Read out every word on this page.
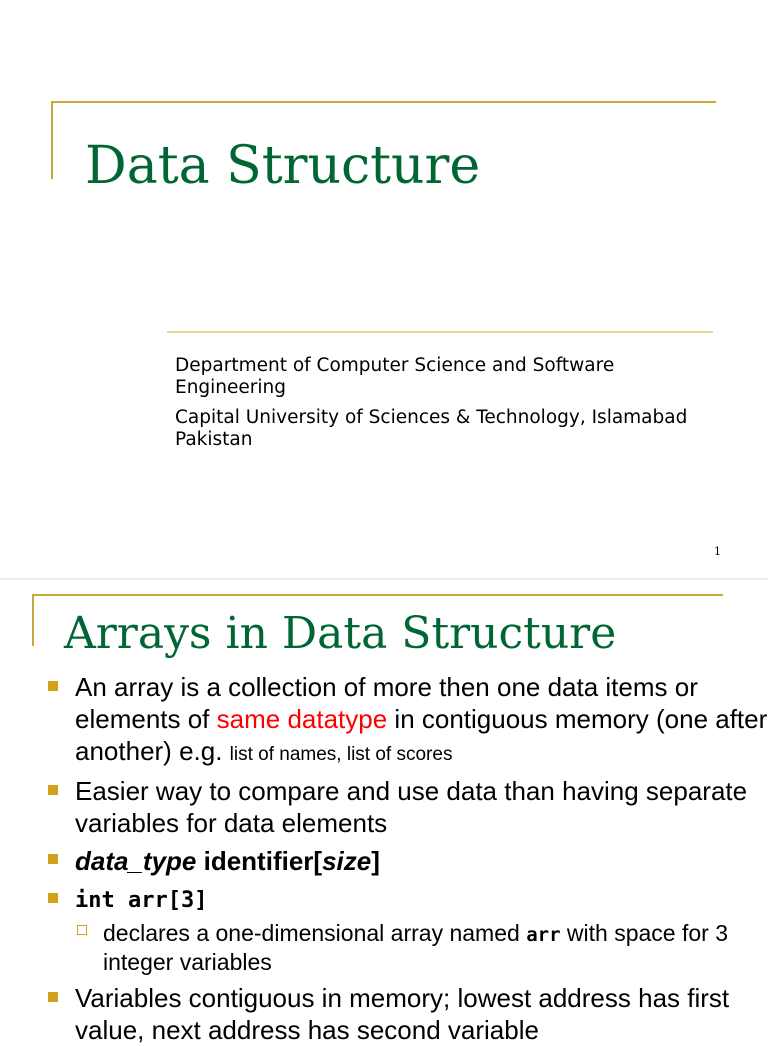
Data Structure

Department of Computer Science and Software Engineering

Capital University of Sciences & Technology, Islamabad Pakistan

1
Arrays in Data Structure
An array is a collection of more then one data items or elements of same datatype in contiguous memory (one after another) e.g. list of names, list of scores
Easier way to compare and use data than having separate variables for data elements
data_type identifier[size]
int arr[3]
declares a one-dimensional array named arr with space for 3 integer variables
Variables contiguous in memory; lowest address has first value, next address has second variable
